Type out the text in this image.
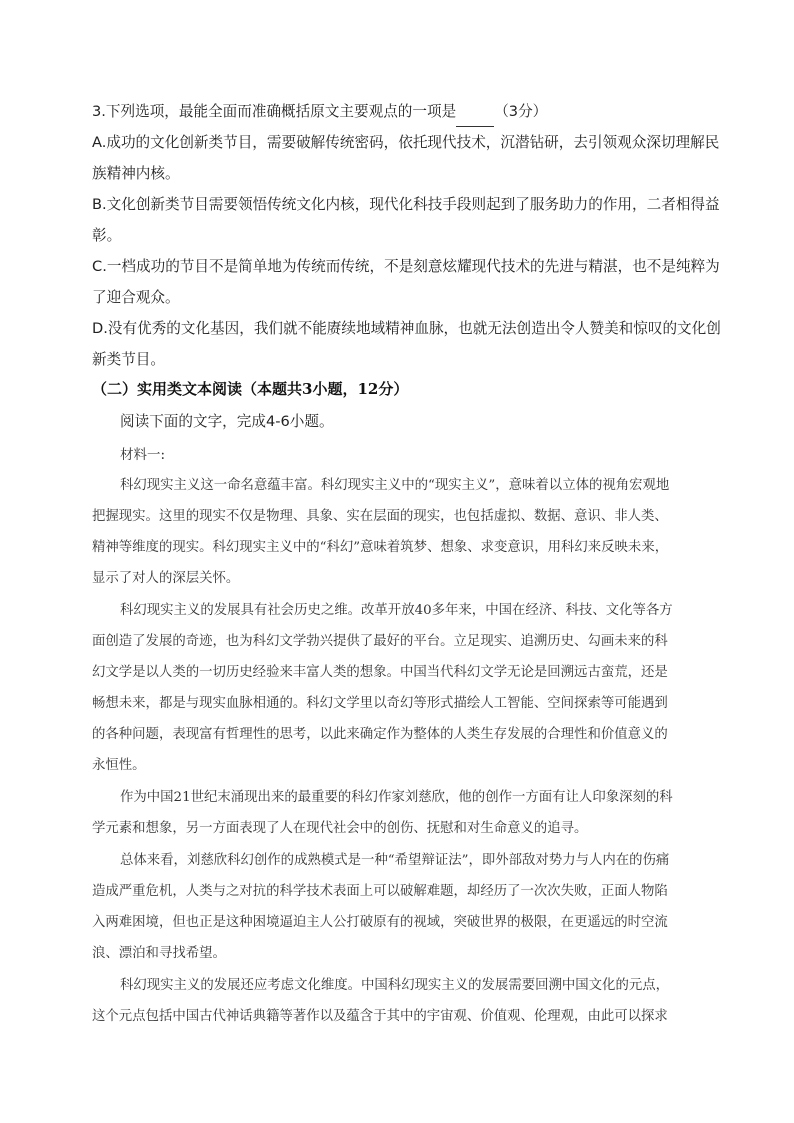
3.下列选项，最能全面而准确概括原文主要观点的一项是	（3分）
A.成功的文化创新类节目，需要破解传统密码，依托现代技术，沉潜钻研，去引领观众深切理解民
族精神内核。
B.文化创新类节目需要领悟传统文化内核，现代化科技手段则起到了服务助力的作用，二者相得益
彰。
C.一档成功的节目不是简单地为传统而传统，不是刻意炫耀现代技术的先进与精湛，也不是纯粹为
了迎合观众。
D.没有优秀的文化基因，我们就不能赓续地域精神血脉，也就无法创造出令人赞美和惊叹的文化创
新类节目。
（二）实用类文本阅读（本题共3小题，12分）
阅读下面的文字，完成4-6小题。
材料一:
科幻现实主义这一命名意蕴丰富。科幻现实主义中的“现实主义”，意味着以立体的视角宏观地
把握现实。这里的现实不仅是物理、具象、实在层面的现实，也包括虚拟、数据、意识、非人类、
精神等维度的现实。科幻现实主义中的“科幻”意味着筑梦、想象、求变意识，用科幻来反映未来，
显示了对人的深层关怀。
科幻现实主义的发展具有社会历史之维。改革开放40多年来，中国在经济、科技、文化等各方
面创造了发展的奇迹，也为科幻文学勃兴提供了最好的平台。立足现实、追溯历史、勾画未来的科
幻文学是以人类的一切历史经验来丰富人类的想象。中国当代科幻文学无论是回溯远古蛮荒，还是
畅想未来，都是与现实血脉相通的。科幻文学里以奇幻等形式描绘人工智能、空间探索等可能遇到
的各种问题，表现富有哲理性的思考，以此来确定作为整体的人类生存发展的合理性和价值意义的
永恒性。
作为中国21世纪末涌现出来的最重要的科幻作家刘慈欣，他的创作一方面有让人印象深刻的科
学元素和想象，另一方面表现了人在现代社会中的创伤、抚慰和对生命意义的追寻。
总体来看，刘慈欣科幻创作的成熟模式是一种“希望辩证法”，即外部敌对势力与人内在的伤痛
造成严重危机，人类与之对抗的科学技术表面上可以破解难题，却经历了一次次失败，正面人物陷
入两难困境，但也正是这种困境逼迫主人公打破原有的视域，突破世界的极限，在更遥远的时空流
浪、漂泊和寻找希望。
科幻现实主义的发展还应考虑文化维度。中国科幻现实主义的发展需要回溯中国文化的元点，
这个元点包括中国古代神话典籍等著作以及蕴含于其中的宇宙观、价值观、伦理观，由此可以探求
